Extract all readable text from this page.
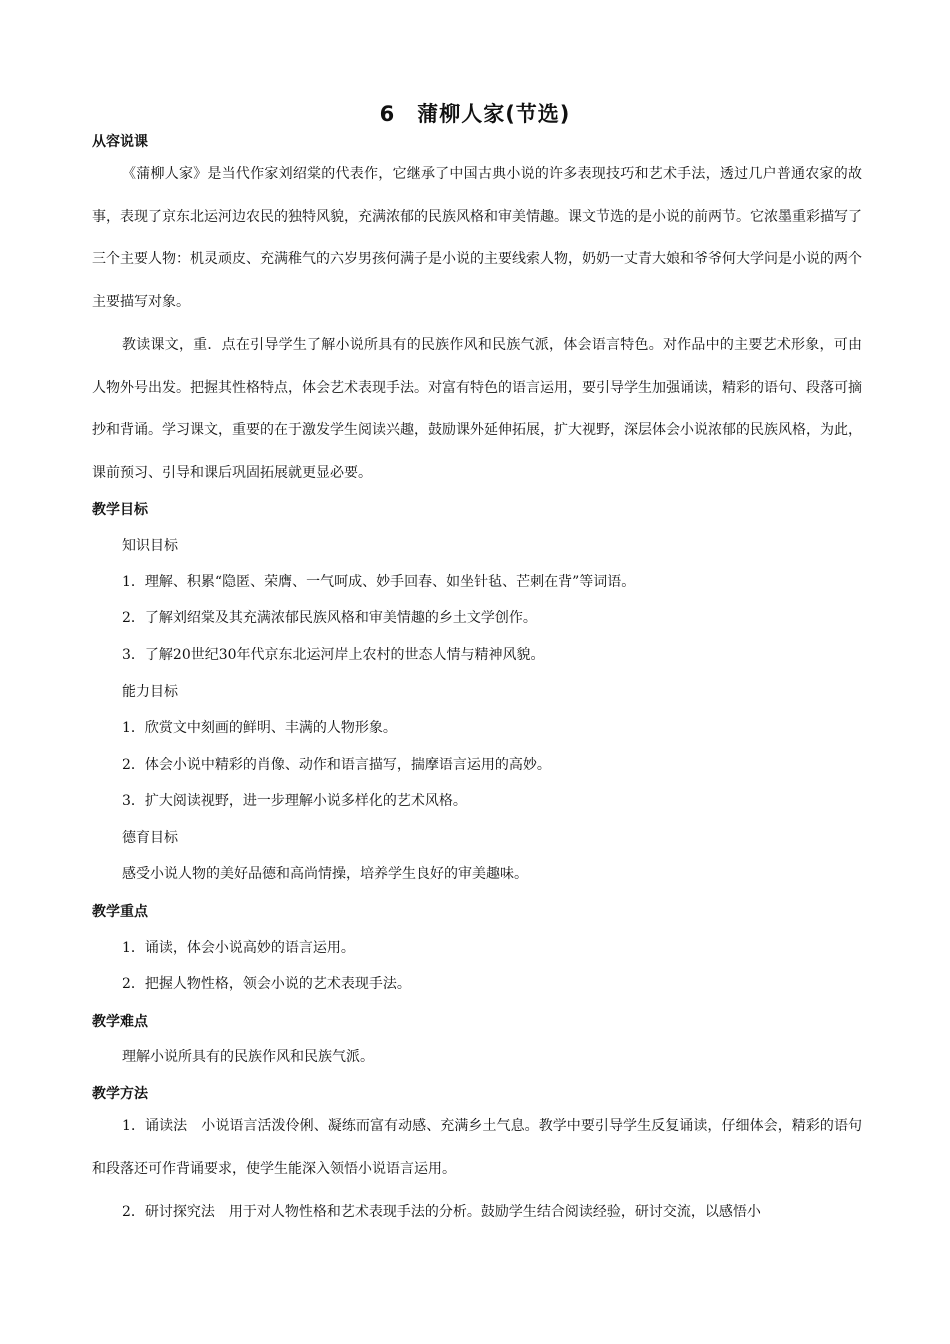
6　蒲柳人家(节选)
从容说课
《蒲柳人家》是当代作家刘绍棠的代表作，它继承了中国古典小说的许多表现技巧和艺术手法，透过几户普通农家的故事，表现了京东北运河边农民的独特风貌，充满浓郁的民族风格和审美情趣。课文节选的是小说的前两节。它浓墨重彩描写了三个主要人物：机灵顽皮、充满稚气的六岁男孩何满子是小说的主要线索人物，奶奶一丈青大娘和爷爷何大学问是小说的两个主要描写对象。
教读课文，重．点在引导学生了解小说所具有的民族作风和民族气派，体会语言特色。对作品中的主要艺术形象，可由人物外号出发。把握其性格特点，体会艺术表现手法。对富有特色的语言运用，要引导学生加强诵读，精彩的语句、段落可摘抄和背诵。学习课文，重要的在于激发学生阅读兴趣，鼓励课外延伸拓展，扩大视野，深层体会小说浓郁的民族风格，为此，课前预习、引导和课后巩固拓展就更显必要。
教学目标
知识目标
1．理解、积累“隐匿、荣膺、一气呵成、妙手回春、如坐针毡、芒刺在背”等词语。
2．了解刘绍棠及其充满浓郁民族风格和审美情趣的乡土文学创作。
3．了解20世纪30年代京东北运河岸上农村的世态人情与精神风貌。
能力目标
1．欣赏文中刻画的鲜明、丰满的人物形象。
2．体会小说中精彩的肖像、动作和语言描写，揣摩语言运用的高妙。
3．扩大阅读视野，进一步理解小说多样化的艺术风格。
德育目标
感受小说人物的美好品德和高尚情操，培养学生良好的审美趣味。
教学重点
1．诵读，体会小说高妙的语言运用。
2．把握人物性格，领会小说的艺术表现手法。
教学难点
理解小说所具有的民族作风和民族气派。
教学方法
1．诵读法　小说语言活泼伶俐、凝练而富有动感、充满乡土气息。教学中要引导学生反复诵读，仔细体会，精彩的语句和段落还可作背诵要求，使学生能深入领悟小说语言运用。
2．研讨探究法　用于对人物性格和艺术表现手法的分析。鼓励学生结合阅读经验，研讨交流，以感悟小
